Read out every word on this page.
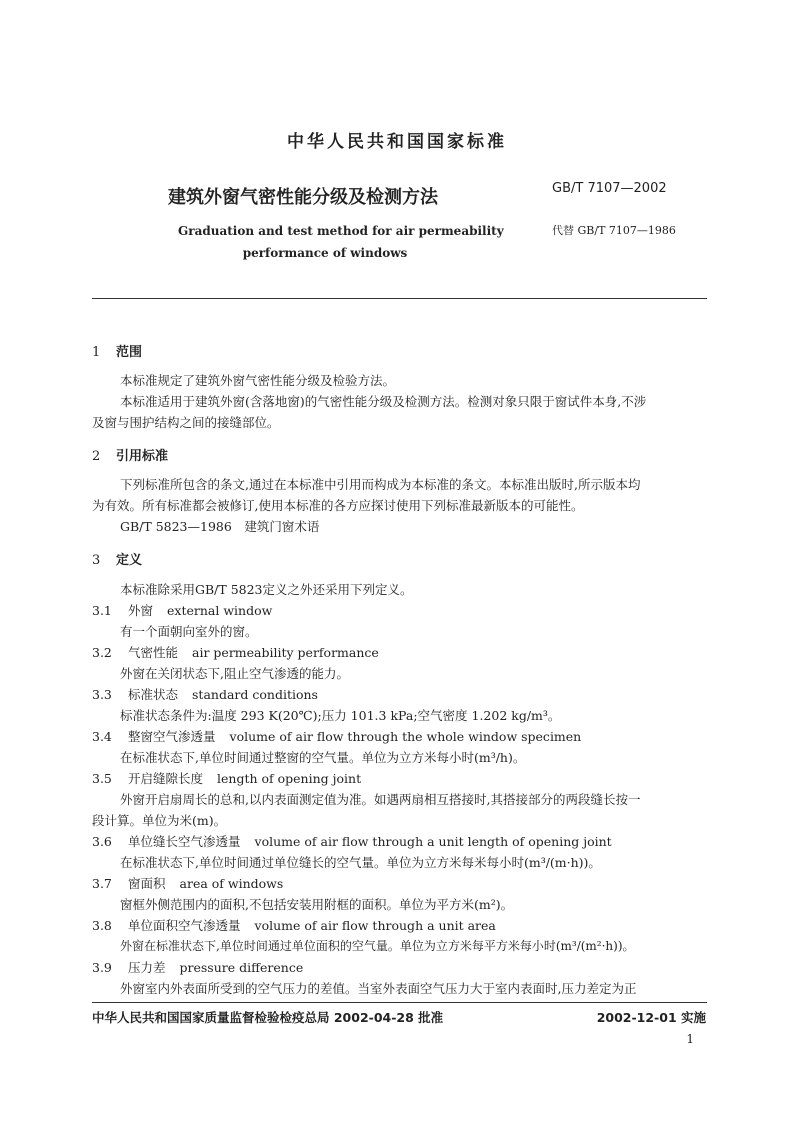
中华人民共和国国家标准
建筑外窗气密性能分级及检测方法	GB/T 7107—2002
Graduation and test method for air permeability	代替 GB/T 7107—1986
performance of windows
1 范围
本标准规定了建筑外窗气密性能分级及检验方法。
本标准适用于建筑外窗(含落地窗)的气密性能分级及检测方法。检测对象只限于窗试件本身,不涉
及窗与围护结构之间的接缝部位。
2 引用标准
下列标准所包含的条文,通过在本标准中引用而构成为本标准的条文。本标准出版时,所示版本均
为有效。所有标准都会被修订,使用本标准的各方应探讨使用下列标准最新版本的可能性。
GB/T 5823—1986　建筑门窗术语
3 定义
本标准除采用GB/T 5823定义之外还采用下列定义。
3.1 外窗 external window
有一个面朝向室外的窗。
3.2 气密性能 air permeability performance
外窗在关闭状态下,阻止空气渗透的能力。
3.3 标准状态 standard conditions
标准状态条件为:温度 293 K(20℃);压力 101.3 kPa;空气密度 1.202 kg/m³。
3.4 整窗空气渗透量 volume of air flow through the whole window specimen
在标准状态下,单位时间通过整窗的空气量。单位为立方米每小时(m³/h)。
3.5 开启缝隙长度 length of opening joint
外窗开启扇周长的总和,以内表面测定值为准。如遇两扇相互搭接时,其搭接部分的两段缝长按一
段计算。单位为米(m)。
3.6 单位缝长空气渗透量 volume of air flow through a unit length of opening joint
在标准状态下,单位时间通过单位缝长的空气量。单位为立方米每米每小时(m³/(m·h))。
3.7 窗面积 area of windows
窗框外侧范围内的面积,不包括安装用附框的面积。单位为平方米(m²)。
3.8 单位面积空气渗透量 volume of air flow through a unit area
外窗在标准状态下,单位时间通过单位面积的空气量。单位为立方米每平方米每小时(m³/(m²·h))。
3.9 压力差 pressure difference
外窗室内外表面所受到的空气压力的差值。当室外表面空气压力大于室内表面时,压力差定为正
中华人民共和国国家质量监督检验检疫总局 2002-04-28 批准	2002-12-01 实施
1
